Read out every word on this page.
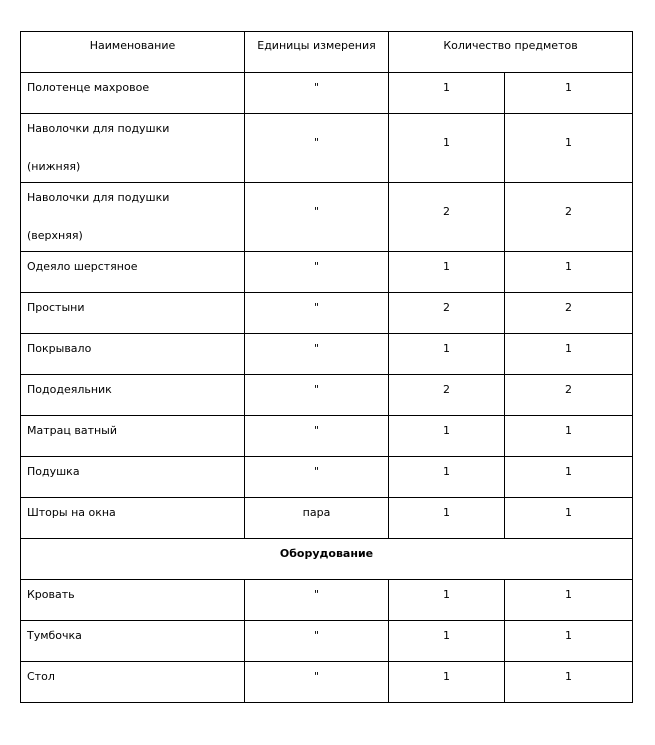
Наименование	Единицы измерения	Количество предметов	

Полотенце махровое	"	1	1

Наволочки для подушки
(нижняя)	"	1	1

Наволочки для подушки
(верхняя)	"	2	2

Одеяло шерстяное	"	1	1

Простыни	"	2	2

Покрывало	"	1	1

Пододеяльник	"	2	2

Матрац ватный	"	1	1

Подушка	"	1	1

Шторы на окна	пара	1	1

Оборудование			

Кровать	"	1	1

Тумбочка	"	1	1

Стол	"	1	1
